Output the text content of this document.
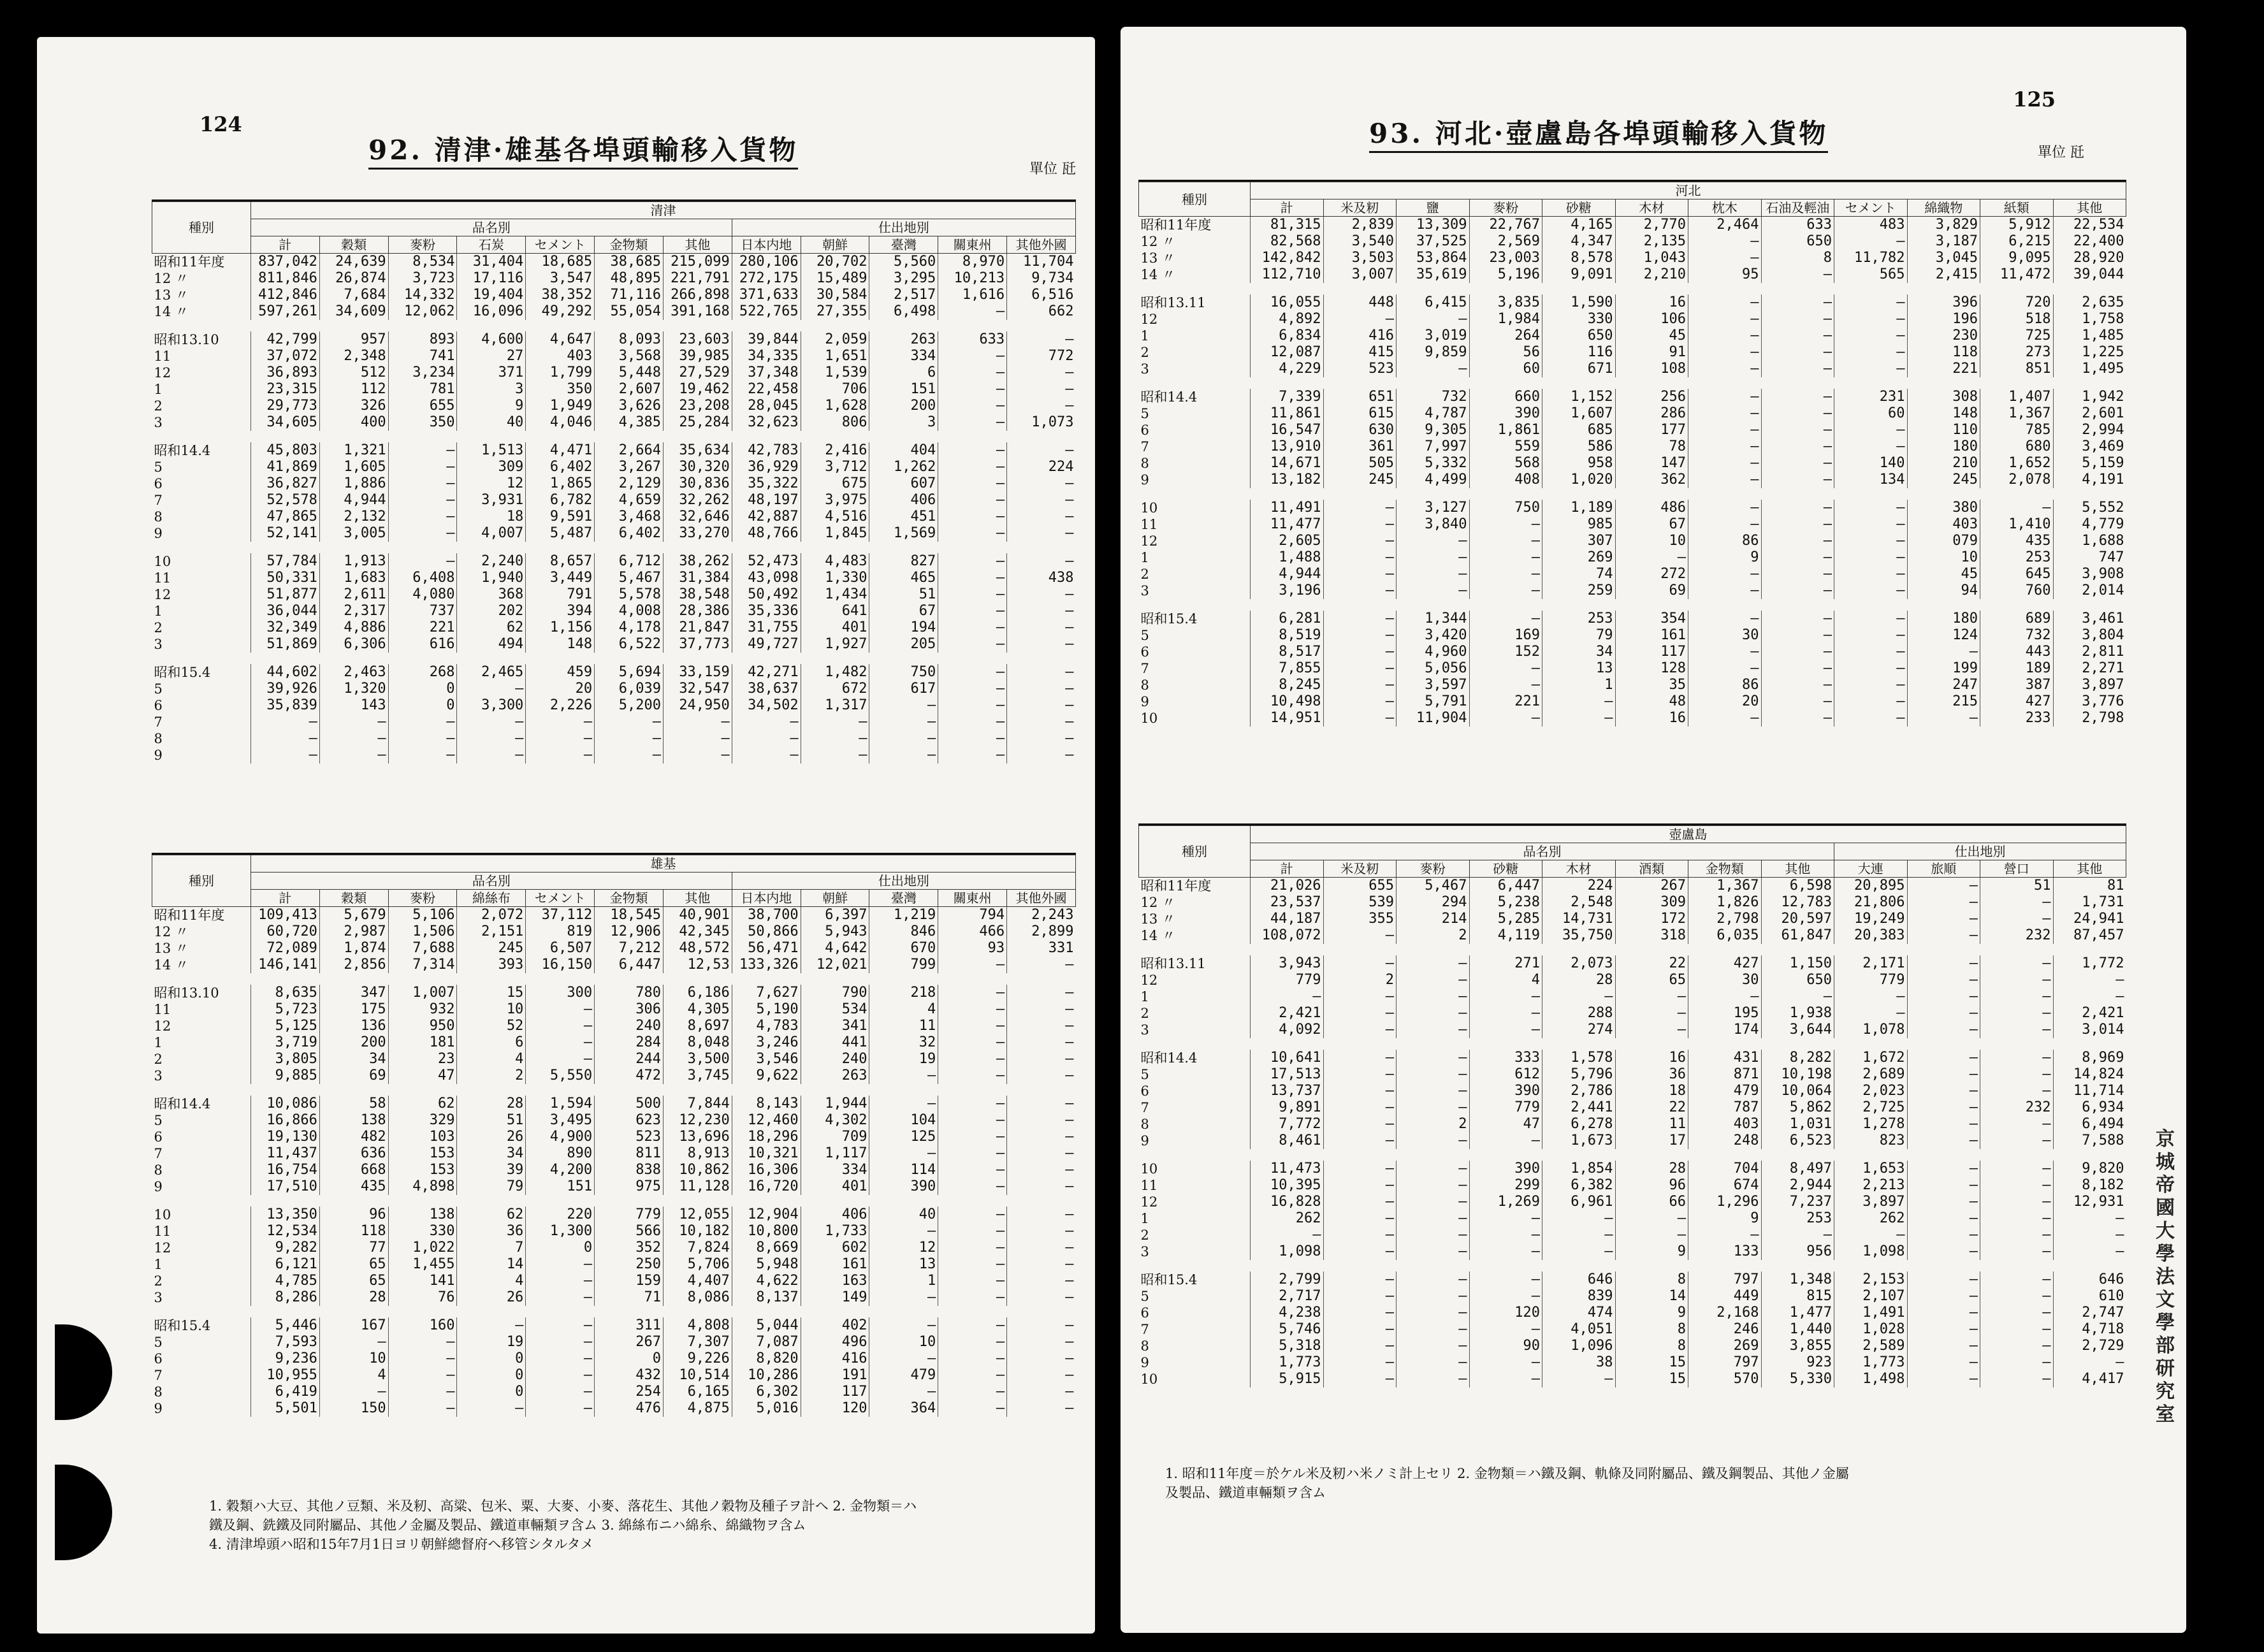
124
92. 清津·雄基各埠頭輸移入貨物
單位 瓩
種別	清津											
	品名別							仕出地別				
	計	穀類	麥粉	石炭	セメント	金物類	其他	日本内地	朝鮮	臺灣	關東州	其他外國
昭和11年度	837,042	24,639	8,534	31,404	18,685	38,685	215,099	280,106	20,702	5,560	8,970	11,704
12 〃	811,846	26,874	3,723	17,116	3,547	48,895	221,791	272,175	15,489	3,295	10,213	9,734
13 〃	412,846	7,684	14,332	19,404	38,352	71,116	266,898	371,633	30,584	2,517	1,616	6,516
14 〃	597,261	34,609	12,062	16,096	49,292	55,054	391,168	522,765	27,355	6,498	—	662

昭和13.10	42,799	957	893	4,600	4,647	8,093	23,603	39,844	2,059	263	633	—
11	37,072	2,348	741	27	403	3,568	39,985	34,335	1,651	334	—	772
12	36,893	512	3,234	371	1,799	5,448	27,529	37,348	1,539	6	—	—
1	23,315	112	781	3	350	2,607	19,462	22,458	706	151	—	—
2	29,773	326	655	9	1,949	3,626	23,208	28,045	1,628	200	—	—
3	34,605	400	350	40	4,046	4,385	25,284	32,623	806	3	—	1,073

昭和14.4	45,803	1,321	—	1,513	4,471	2,664	35,634	42,783	2,416	404	—	—
5	41,869	1,605	—	309	6,402	3,267	30,320	36,929	3,712	1,262	—	224
6	36,827	1,886	—	12	1,865	2,129	30,836	35,322	675	607	—	—
7	52,578	4,944	—	3,931	6,782	4,659	32,262	48,197	3,975	406	—	—
8	47,865	2,132	—	18	9,591	3,468	32,646	42,887	4,516	451	—	—
9	52,141	3,005	—	4,007	5,487	6,402	33,270	48,766	1,845	1,569	—	—

10	57,784	1,913	—	2,240	8,657	6,712	38,262	52,473	4,483	827	—	—
11	50,331	1,683	6,408	1,940	3,449	5,467	31,384	43,098	1,330	465	—	438
12	51,877	2,611	4,080	368	791	5,578	38,548	50,492	1,434	51	—	—
1	36,044	2,317	737	202	394	4,008	28,386	35,336	641	67	—	—
2	32,349	4,886	221	62	1,156	4,178	21,847	31,755	401	194	—	—
3	51,869	6,306	616	494	148	6,522	37,773	49,727	1,927	205	—	—

昭和15.4	44,602	2,463	268	2,465	459	5,694	33,159	42,271	1,482	750	—	—
5	39,926	1,320	0	—	20	6,039	32,547	38,637	672	617	—	—
6	35,839	143	0	3,300	2,226	5,200	24,950	34,502	1,317	—	—	—
7	—	—	—	—	—	—	—	—	—	—	—	—
8	—	—	—	—	—	—	—	—	—	—	—	—
9	—	—	—	—	—	—	—	—	—	—	—	—
種別	雄基											
	品名別							仕出地別				
	計	穀類	麥粉	綿絲布	セメント	金物類	其他	日本内地	朝鮮	臺灣	關東州	其他外國
昭和11年度	109,413	5,679	5,106	2,072	37,112	18,545	40,901	38,700	6,397	1,219	794	2,243
12 〃	60,720	2,987	1,506	2,151	819	12,906	42,345	50,866	5,943	846	466	2,899
13 〃	72,089	1,874	7,688	245	6,507	7,212	48,572	56,471	4,642	670	93	331
14 〃	146,141	2,856	7,314	393	16,150	6,447	12,53	133,326	12,021	799	—	—

昭和13.10	8,635	347	1,007	15	300	780	6,186	7,627	790	218	—	—
11	5,723	175	932	10	—	306	4,305	5,190	534	4	—	—
12	5,125	136	950	52	—	240	8,697	4,783	341	11	—	—
1	3,719	200	181	6	—	284	8,048	3,246	441	32	—	—
2	3,805	34	23	4	—	244	3,500	3,546	240	19	—	—
3	9,885	69	47	2	5,550	472	3,745	9,622	263	—	—	—

昭和14.4	10,086	58	62	28	1,594	500	7,844	8,143	1,944	—	—	—
5	16,866	138	329	51	3,495	623	12,230	12,460	4,302	104	—	—
6	19,130	482	103	26	4,900	523	13,696	18,296	709	125	—	—
7	11,437	636	153	34	890	811	8,913	10,321	1,117	—	—	—
8	16,754	668	153	39	4,200	838	10,862	16,306	334	114	—	—
9	17,510	435	4,898	79	151	975	11,128	16,720	401	390	—	—

10	13,350	96	138	62	220	779	12,055	12,904	406	40	—	—
11	12,534	118	330	36	1,300	566	10,182	10,800	1,733	—	—	—
12	9,282	77	1,022	7	0	352	7,824	8,669	602	12	—	—
1	6,121	65	1,455	14	—	250	5,706	5,948	161	13	—	—
2	4,785	65	141	4	—	159	4,407	4,622	163	1	—	—
3	8,286	28	76	26	—	71	8,086	8,137	149	—	—	—

昭和15.4	5,446	167	160	—	—	311	4,808	5,044	402	—	—	—
5	7,593	—	—	19	—	267	7,307	7,087	496	10	—	—
6	9,236	10	—	0	—	0	9,226	8,820	416	—	—	—
7	10,955	4	—	0	—	432	10,514	10,286	191	479	—	—
8	6,419	—	—	0	—	254	6,165	6,302	117	—	—	—
9	5,501	150	—	—	—	476	4,875	5,016	120	364	—	—
1. 穀類ハ大豆、其他ノ豆類、米及籾、高粱、包米、粟、大麥、小麥、落花生、其他ノ穀物及種子ヲ計ヘ 2. 金物類＝ハ
鐵及鋼、銑鐵及同附屬品、其他ノ金屬及製品、鐵道車輛類ヲ含ム 3. 綿絲布ニハ綿糸、綿織物ヲ含ム
4. 清津埠頭ハ昭和15年7月1日ヨリ朝鮮總督府ヘ移管シタルタメ
125
93. 河北·壺盧島各埠頭輸移入貨物
單位 瓩
種別	河北											
	計	米及籾	鹽	麥粉	砂糖	木材	枕木	石油及輕油	セメント	綿織物	紙類	其他
昭和11年度	81,315	2,839	13,309	22,767	4,165	2,770	2,464	633	483	3,829	5,912	22,534
12 〃	82,568	3,540	37,525	2,569	4,347	2,135	—	650	—	3,187	6,215	22,400
13 〃	142,842	3,503	53,864	23,003	8,578	1,043	—	8	11,782	3,045	9,095	28,920
14 〃	112,710	3,007	35,619	5,196	9,091	2,210	95	—	565	2,415	11,472	39,044

昭和13.11	16,055	448	6,415	3,835	1,590	16	—	—	—	396	720	2,635
12	4,892	—	—	1,984	330	106	—	—	—	196	518	1,758
1	6,834	416	3,019	264	650	45	—	—	—	230	725	1,485
2	12,087	415	9,859	56	116	91	—	—	—	118	273	1,225
3	4,229	523	—	60	671	108	—	—	—	221	851	1,495

昭和14.4	7,339	651	732	660	1,152	256	—	—	231	308	1,407	1,942
5	11,861	615	4,787	390	1,607	286	—	—	60	148	1,367	2,601
6	16,547	630	9,305	1,861	685	177	—	—	—	110	785	2,994
7	13,910	361	7,997	559	586	78	—	—	—	180	680	3,469
8	14,671	505	5,332	568	958	147	—	—	140	210	1,652	5,159
9	13,182	245	4,499	408	1,020	362	—	—	134	245	2,078	4,191

10	11,491	—	3,127	750	1,189	486	—	—	—	380	—	5,552
11	11,477	—	3,840	—	985	67	—	—	—	403	1,410	4,779
12	2,605	—	—	—	307	10	86	—	—	079	435	1,688
1	1,488	—	—	—	269	—	9	—	—	10	253	747
2	4,944	—	—	—	74	272	—	—	—	45	645	3,908
3	3,196	—	—	—	259	69	—	—	—	94	760	2,014

昭和15.4	6,281	—	1,344	—	253	354	—	—	—	180	689	3,461
5	8,519	—	3,420	169	79	161	30	—	—	124	732	3,804
6	8,517	—	4,960	152	34	117	—	—	—	—	443	2,811
7	7,855	—	5,056	—	13	128	—	—	—	199	189	2,271
8	8,245	—	3,597	—	1	35	86	—	—	247	387	3,897
9	10,498	—	5,791	221	—	48	20	—	—	215	427	3,776
10	14,951	—	11,904	—	—	16	—	—	—	—	233	2,798
種別	壺盧島											
	品名別								仕出地別			
	計	米及籾	麥粉	砂糖	木材	酒類	金物類	其他	大連	旅順	營口	其他
昭和11年度	21,026	655	5,467	6,447	224	267	1,367	6,598	20,895	—	51	81
12 〃	23,537	539	294	5,238	2,548	309	1,826	12,783	21,806	—	—	1,731
13 〃	44,187	355	214	5,285	14,731	172	2,798	20,597	19,249	—	—	24,941
14 〃	108,072	—	2	4,119	35,750	318	6,035	61,847	20,383	—	232	87,457

昭和13.11	3,943	—	—	271	2,073	22	427	1,150	2,171	—	—	1,772
12	779	2	—	4	28	65	30	650	779	—	—	—
1	—	—	—	—	—	—	—	—	—	—	—	—
2	2,421	—	—	—	288	—	195	1,938	—	—	—	2,421
3	4,092	—	—	—	274	—	174	3,644	1,078	—	—	3,014

昭和14.4	10,641	—	—	333	1,578	16	431	8,282	1,672	—	—	8,969
5	17,513	—	—	612	5,796	36	871	10,198	2,689	—	—	14,824
6	13,737	—	—	390	2,786	18	479	10,064	2,023	—	—	11,714
7	9,891	—	—	779	2,441	22	787	5,862	2,725	—	232	6,934
8	7,772	—	2	47	6,278	11	403	1,031	1,278	—	—	6,494
9	8,461	—	—	—	1,673	17	248	6,523	823	—	—	7,588

10	11,473	—	—	390	1,854	28	704	8,497	1,653	—	—	9,820
11	10,395	—	—	299	6,382	96	674	2,944	2,213	—	—	8,182
12	16,828	—	—	1,269	6,961	66	1,296	7,237	3,897	—	—	12,931
1	262	—	—	—	—	—	9	253	262	—	—	—
2	—	—	—	—	—	—	—	—	—	—	—	—
3	1,098	—	—	—	—	9	133	956	1,098	—	—	—

昭和15.4	2,799	—	—	—	646	8	797	1,348	2,153	—	—	646
5	2,717	—	—	—	839	14	449	815	2,107	—	—	610
6	4,238	—	—	120	474	9	2,168	1,477	1,491	—	—	2,747
7	5,746	—	—	—	4,051	8	246	1,440	1,028	—	—	4,718
8	5,318	—	—	90	1,096	8	269	3,855	2,589	—	—	2,729
9	1,773	—	—	—	38	15	797	923	1,773	—	—	—
10	5,915	—	—	—	—	15	570	5,330	1,498	—	—	4,417
1. 昭和11年度＝於ケル米及籾ハ米ノミ計上セリ 2. 金物類＝ハ鐵及鋼、軌條及同附屬品、鐵及鋼製品、其他ノ金屬
及製品、鐵道車輛類ヲ含ム
京
城
帝
國
大
學
法
文
學
部
研
究
室
